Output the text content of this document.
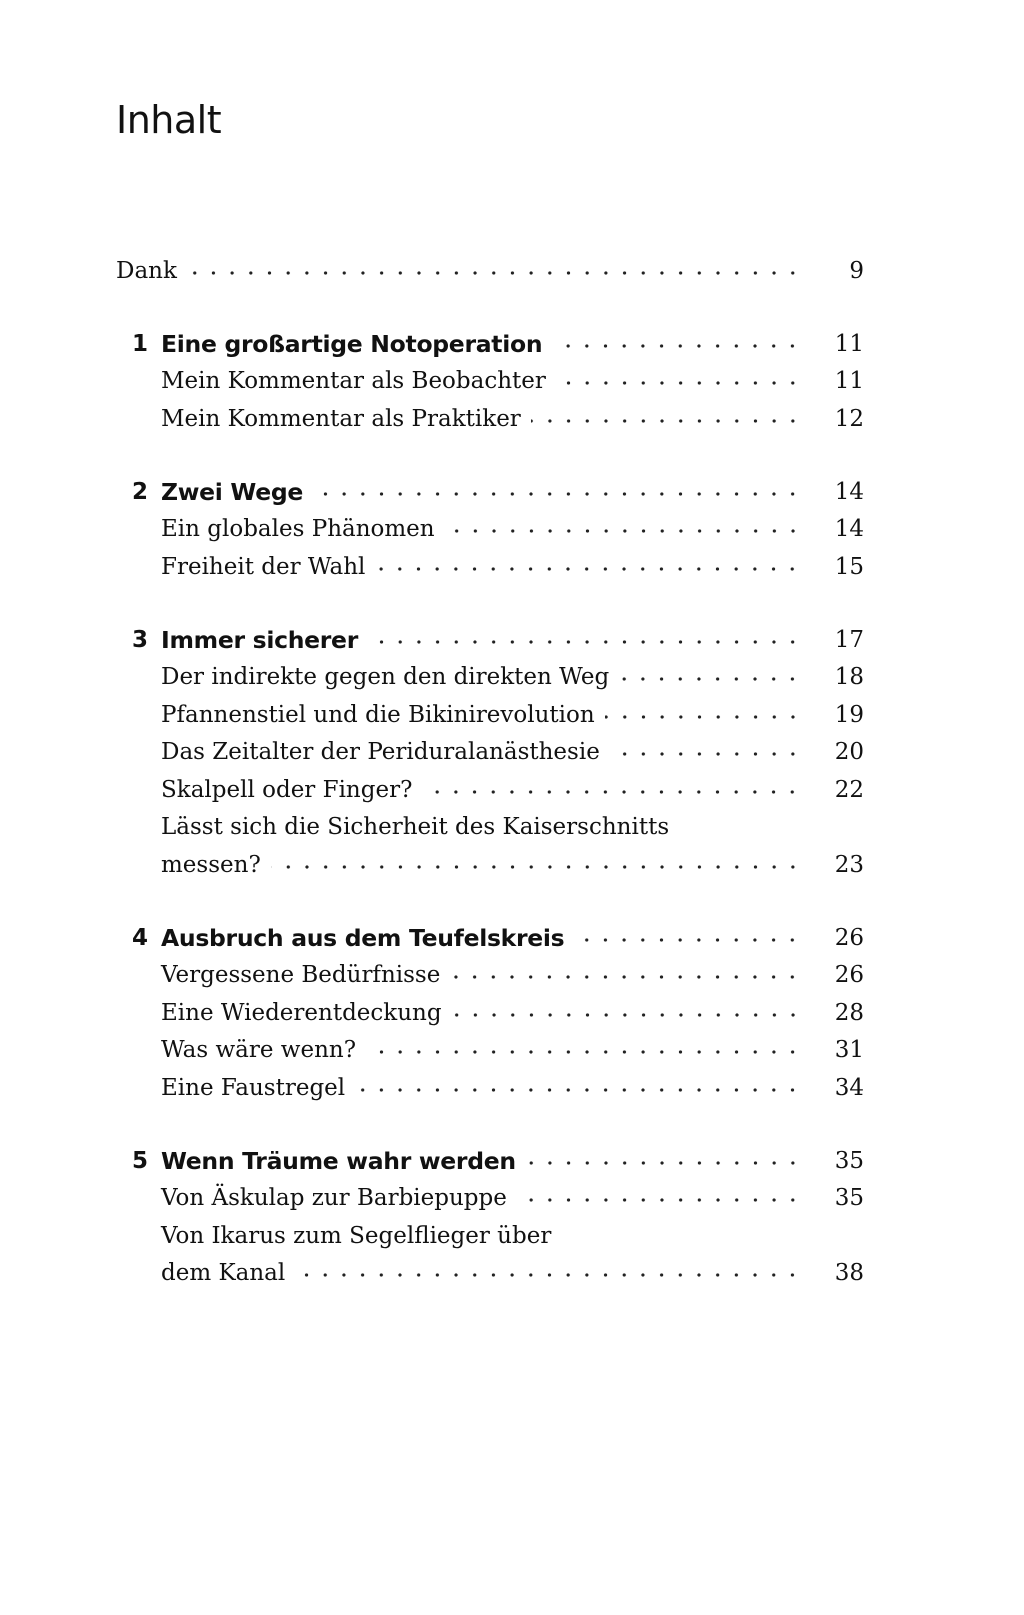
Inhalt
Dank	9
1 Eine großartige Notoperation	11
Mein Kommentar als Beobachter	11
Mein Kommentar als Praktiker	12
2 Zwei Wege	14
Ein globales Phänomen	14
Freiheit der Wahl	15
3 Immer sicherer	17
Der indirekte gegen den direkten Weg	18
Pfannenstiel und die Bikinirevolution	19
Das Zeitalter der Periduralanästhesie	20
Skalpell oder Finger?	22
Lässt sich die Sicherheit des Kaiserschnitts
messen?	23
4 Ausbruch aus dem Teufelskreis	26
Vergessene Bedürfnisse	26
Eine Wiederentdeckung	28
Was wäre wenn?	31
Eine Faustregel	34
5 Wenn Träume wahr werden	35
Von Äskulap zur Barbiepuppe	35
Von Ikarus zum Segelflieger über
dem Kanal	38
